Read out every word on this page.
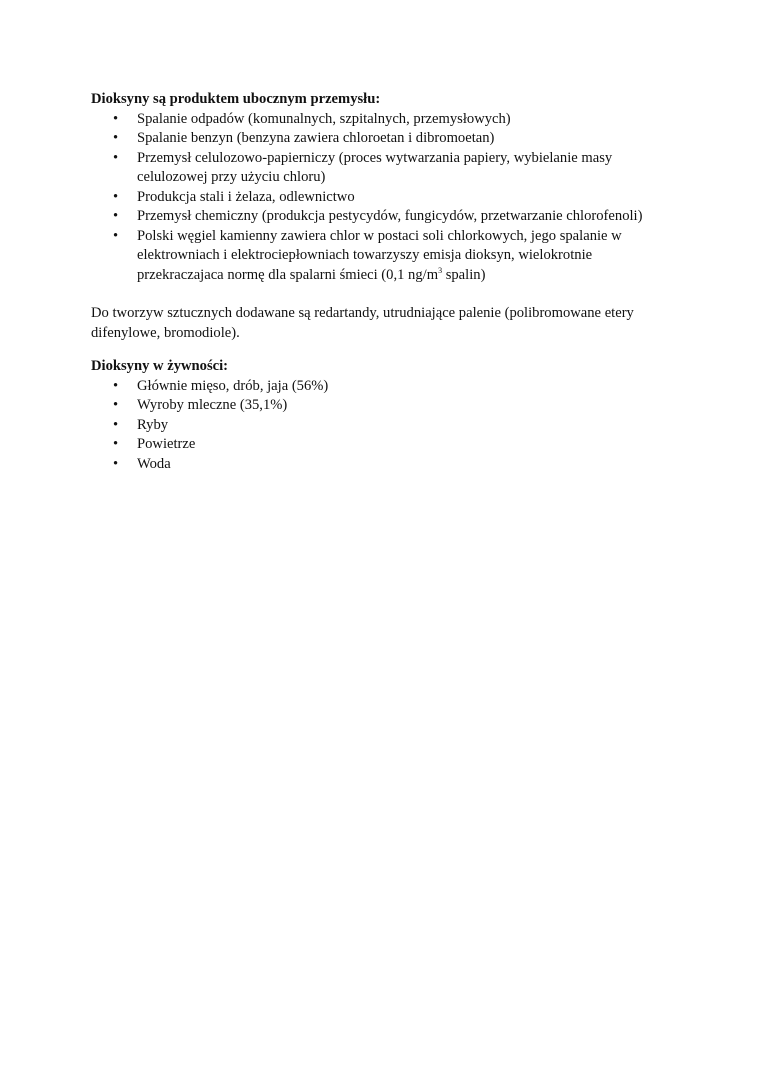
Dioksyny są produktem ubocznym przemysłu:

• Spalanie odpadów (komunalnych, szpitalnych, przemysłowych)
• Spalanie benzyn (benzyna zawiera chloroetan i dibromoetan)
• Przemysł celulozowo-papierniczy (proces wytwarzania papiery, wybielanie masy celulozowej przy użyciu chloru)
• Produkcja stali i żelaza, odlewnictwo
• Przemysł chemiczny (produkcja pestycydów, fungicydów, przetwarzanie chlorofenoli)
• Polski węgiel kamienny zawiera chlor w postaci soli chlorkowych, jego spalanie w elektrowniach i elektrociepłowniach towarzyszy emisja dioksyn, wielokrotnie przekraczajaca normę dla spalarni śmieci (0,1 $ng/m^3$ spalin)

Do tworzyw sztucznych dodawane są redartandy, utrudniające palenie (polibromowane etery difenylowe, bromodiole).

Dioksyny w żywności:

• Głównie mięso, drób, jaja (56%)
• Wyroby mleczne (35,1%)
• Ryby
• Powietrze
• Woda
